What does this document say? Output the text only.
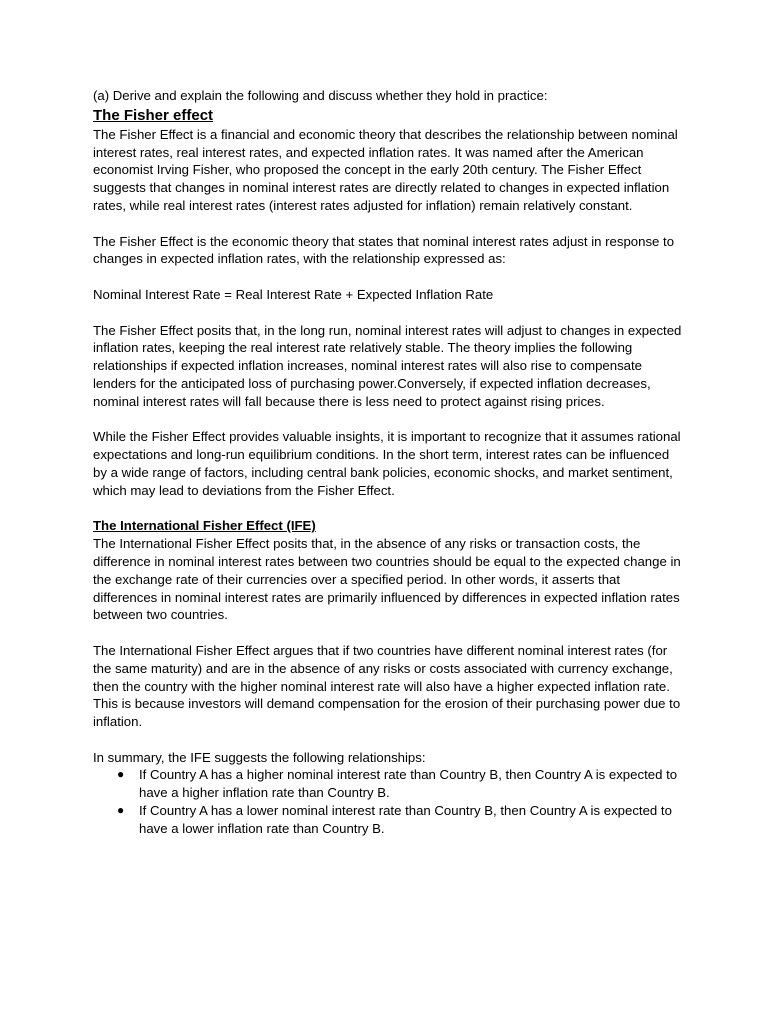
(a) Derive and explain the following and discuss whether they hold in practice:

The Fisher effect

The Fisher Effect is a financial and economic theory that describes the relationship between nominal interest rates, real interest rates, and expected inflation rates. It was named after the American economist Irving Fisher, who proposed the concept in the early 20th century. The Fisher Effect suggests that changes in nominal interest rates are directly related to changes in expected inflation rates, while real interest rates (interest rates adjusted for inflation) remain relatively constant.

The Fisher Effect is the economic theory that states that nominal interest rates adjust in response to changes in expected inflation rates, with the relationship expressed as:

Nominal Interest Rate = Real Interest Rate + Expected Inflation Rate

The Fisher Effect posits that, in the long run, nominal interest rates will adjust to changes in expected inflation rates, keeping the real interest rate relatively stable. The theory implies the following relationships if expected inflation increases, nominal interest rates will also rise to compensate lenders for the anticipated loss of purchasing power.Conversely, if expected inflation decreases, nominal interest rates will fall because there is less need to protect against rising prices.

While the Fisher Effect provides valuable insights, it is important to recognize that it assumes rational expectations and long-run equilibrium conditions. In the short term, interest rates can be influenced by a wide range of factors, including central bank policies, economic shocks, and market sentiment, which may lead to deviations from the Fisher Effect.

The International Fisher Effect (IFE)

The International Fisher Effect posits that, in the absence of any risks or transaction costs, the difference in nominal interest rates between two countries should be equal to the expected change in the exchange rate of their currencies over a specified period. In other words, it asserts that differences in nominal interest rates are primarily influenced by differences in expected inflation rates between two countries.

The International Fisher Effect argues that if two countries have different nominal interest rates (for the same maturity) and are in the absence of any risks or costs associated with currency exchange, then the country with the higher nominal interest rate will also have a higher expected inflation rate. This is because investors will demand compensation for the erosion of their purchasing power due to inflation.

In summary, the IFE suggests the following relationships:

● If Country A has a higher nominal interest rate than Country B, then Country A is expected to have a higher inflation rate than Country B.
● If Country A has a lower nominal interest rate than Country B, then Country A is expected to have a lower inflation rate than Country B.
